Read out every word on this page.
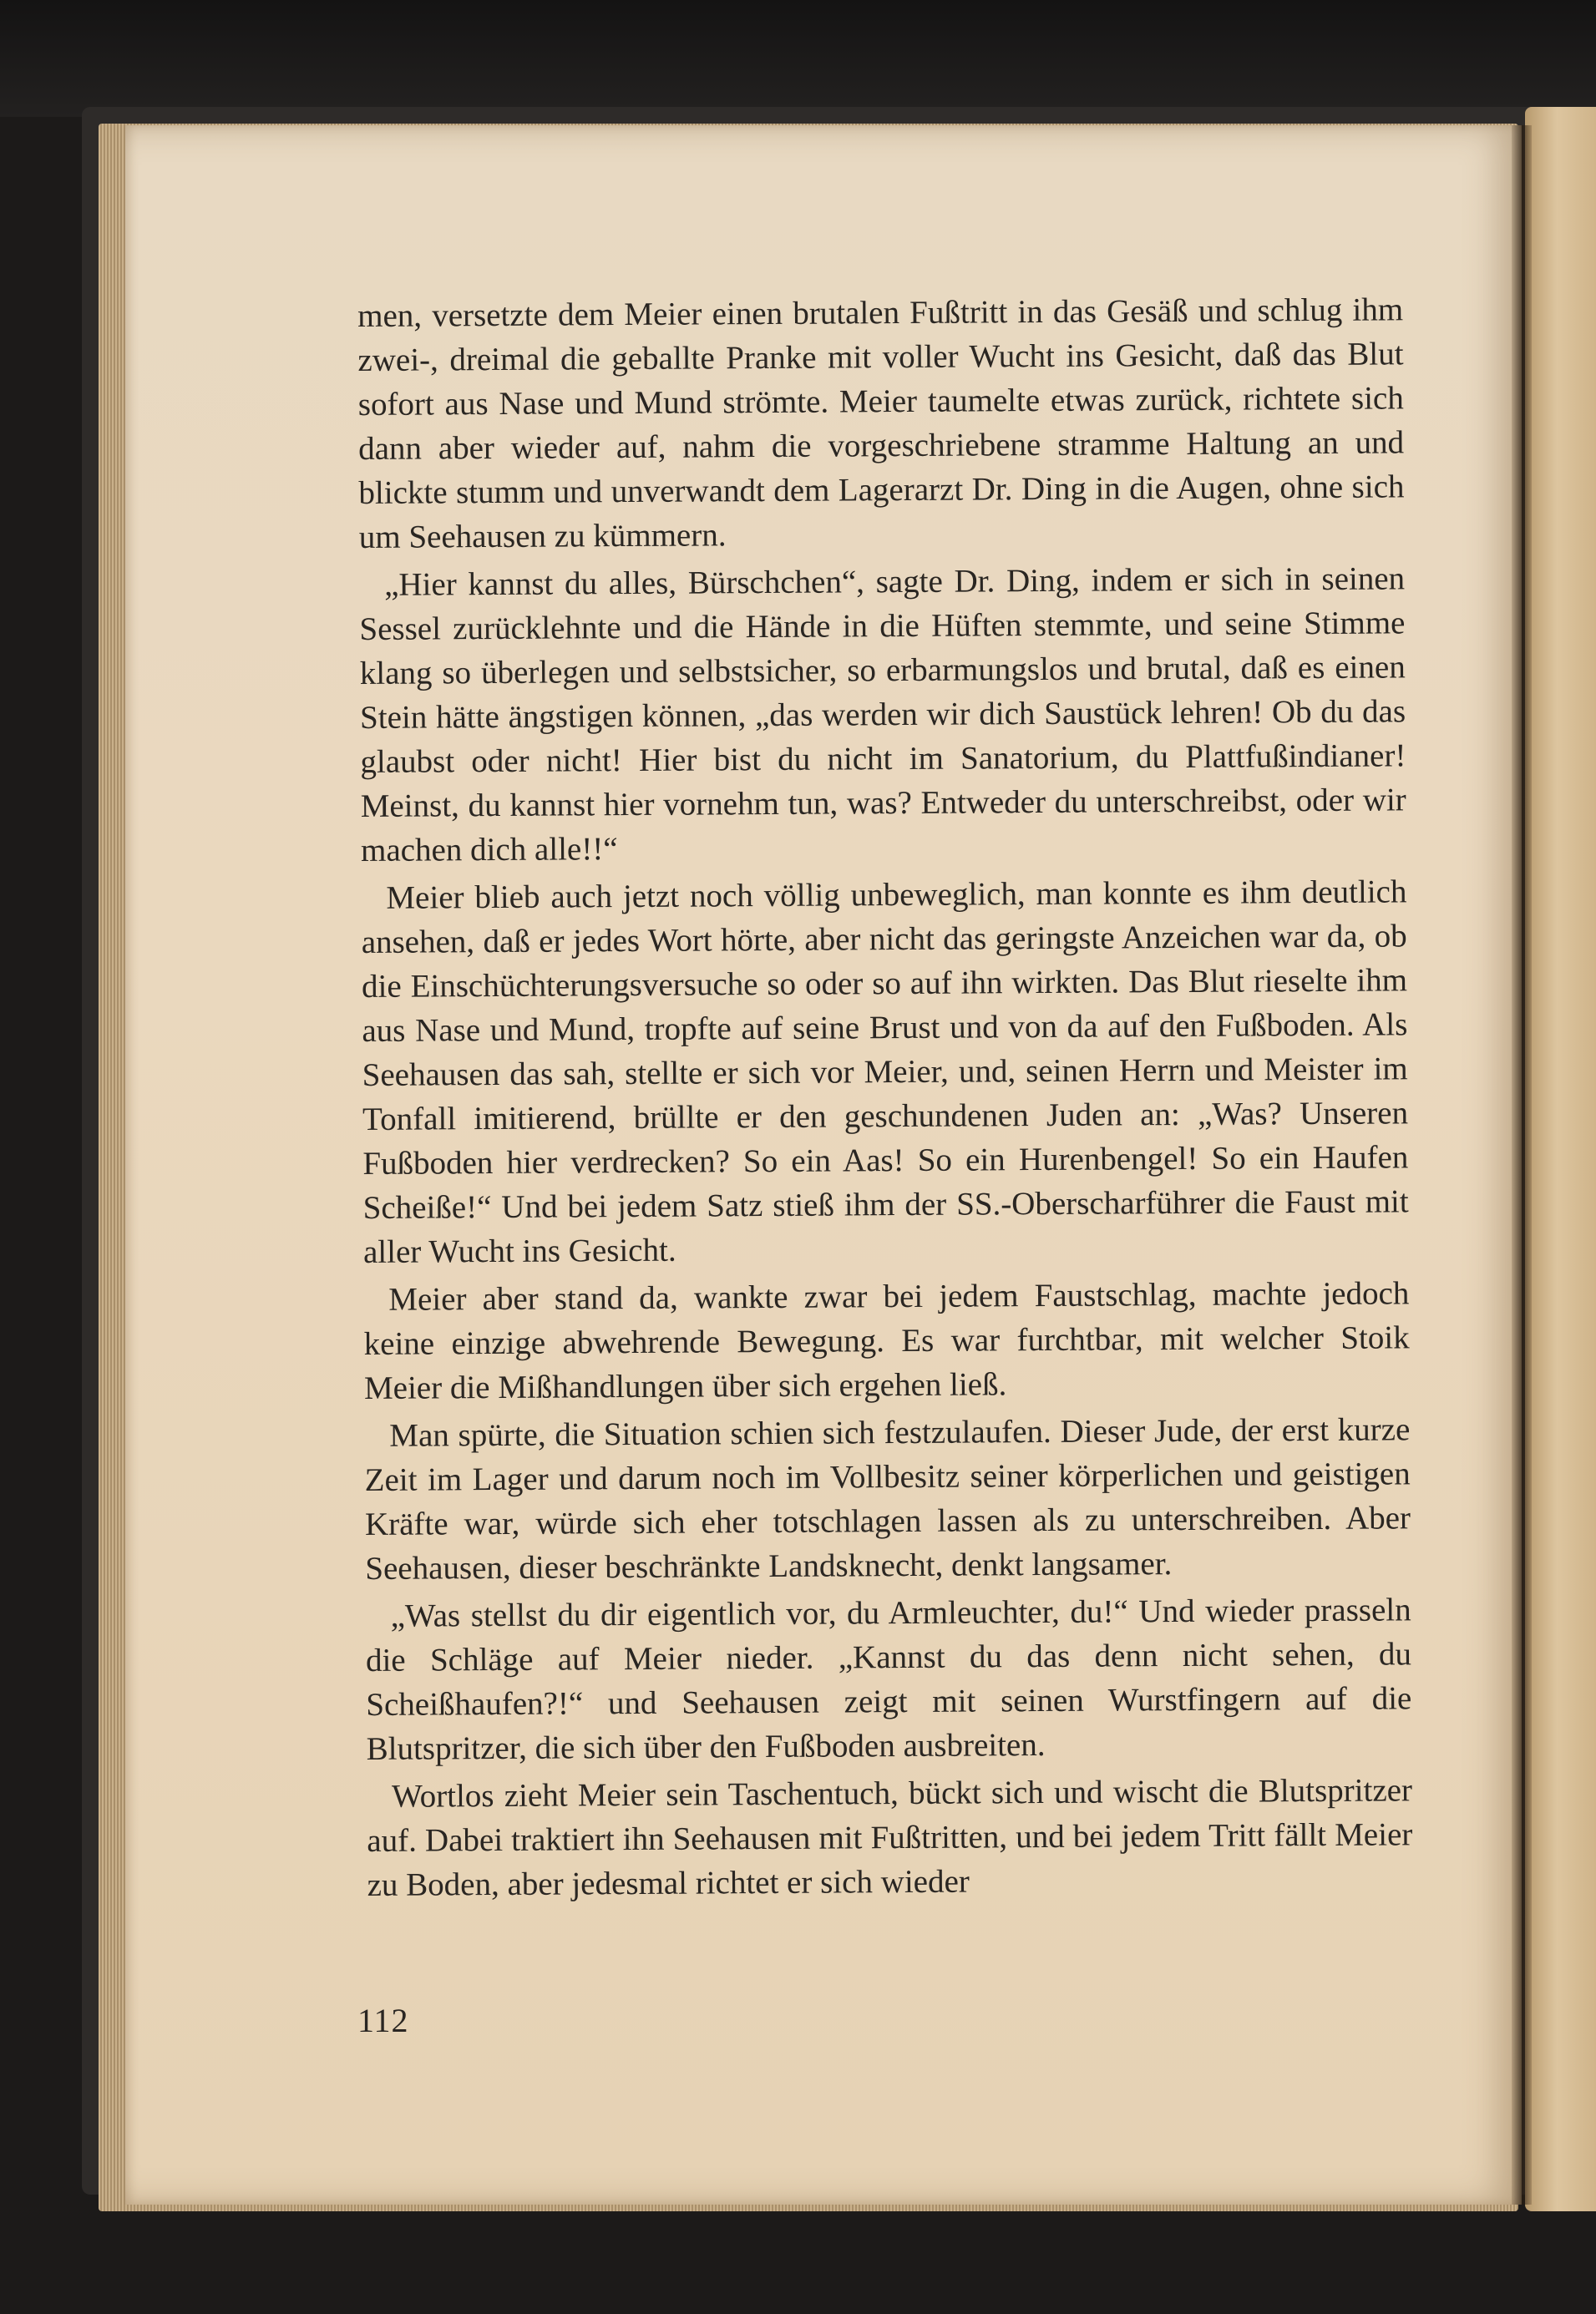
men, versetzte dem Meier einen brutalen Fußtritt in das Gesäß und schlug ihm zwei-, dreimal die geballte Pranke mit voller Wucht ins Gesicht, daß das Blut sofort aus Nase und Mund strömte. Meier taumelte etwas zurück, richtete sich dann aber wieder auf, nahm die vorgeschriebene stramme Haltung an und blickte stumm und unverwandt dem Lagerarzt Dr. Ding in die Augen, ohne sich um Seehausen zu kümmern.

„Hier kannst du alles, Bürschchen“, sagte Dr. Ding, indem er sich in seinen Sessel zurücklehnte und die Hände in die Hüften stemmte, und seine Stimme klang so überlegen und selbstsicher, so erbarmungslos und brutal, daß es einen Stein hätte ängstigen können, „das werden wir dich Saustück lehren! Ob du das glaubst oder nicht! Hier bist du nicht im Sanatorium, du Plattfußindianer! Meinst, du kannst hier vornehm tun, was? Entweder du unterschreibst, oder wir machen dich alle!!“

Meier blieb auch jetzt noch völlig unbeweglich, man konnte es ihm deutlich ansehen, daß er jedes Wort hörte, aber nicht das geringste Anzeichen war da, ob die Einschüchterungsversuche so oder so auf ihn wirkten. Das Blut rieselte ihm aus Nase und Mund, tropfte auf seine Brust und von da auf den Fußboden. Als Seehausen das sah, stellte er sich vor Meier, und, seinen Herrn und Meister im Tonfall imitierend, brüllte er den geschundenen Juden an: „Was? Unseren Fußboden hier verdrecken? So ein Aas! So ein Hurenbengel! So ein Haufen Scheiße!“ Und bei jedem Satz stieß ihm der SS.-Oberscharführer die Faust mit aller Wucht ins Gesicht.

Meier aber stand da, wankte zwar bei jedem Faustschlag, machte jedoch keine einzige abwehrende Bewegung. Es war furchtbar, mit welcher Stoik Meier die Mißhandlungen über sich ergehen ließ.

Man spürte, die Situation schien sich festzulaufen. Dieser Jude, der erst kurze Zeit im Lager und darum noch im Vollbesitz seiner körperlichen und geistigen Kräfte war, würde sich eher totschlagen lassen als zu unterschreiben. Aber Seehausen, dieser beschränkte Landsknecht, denkt langsamer.

„Was stellst du dir eigentlich vor, du Armleuchter, du!“ Und wieder prasseln die Schläge auf Meier nieder. „Kannst du das denn nicht sehen, du Scheißhaufen?!“ und Seehausen zeigt mit seinen Wurstfingern auf die Blutspritzer, die sich über den Fußboden ausbreiten.

Wortlos zieht Meier sein Taschentuch, bückt sich und wischt die Blutspritzer auf. Dabei traktiert ihn Seehausen mit Fußtritten, und bei jedem Tritt fällt Meier zu Boden, aber jedesmal richtet er sich wieder

112
